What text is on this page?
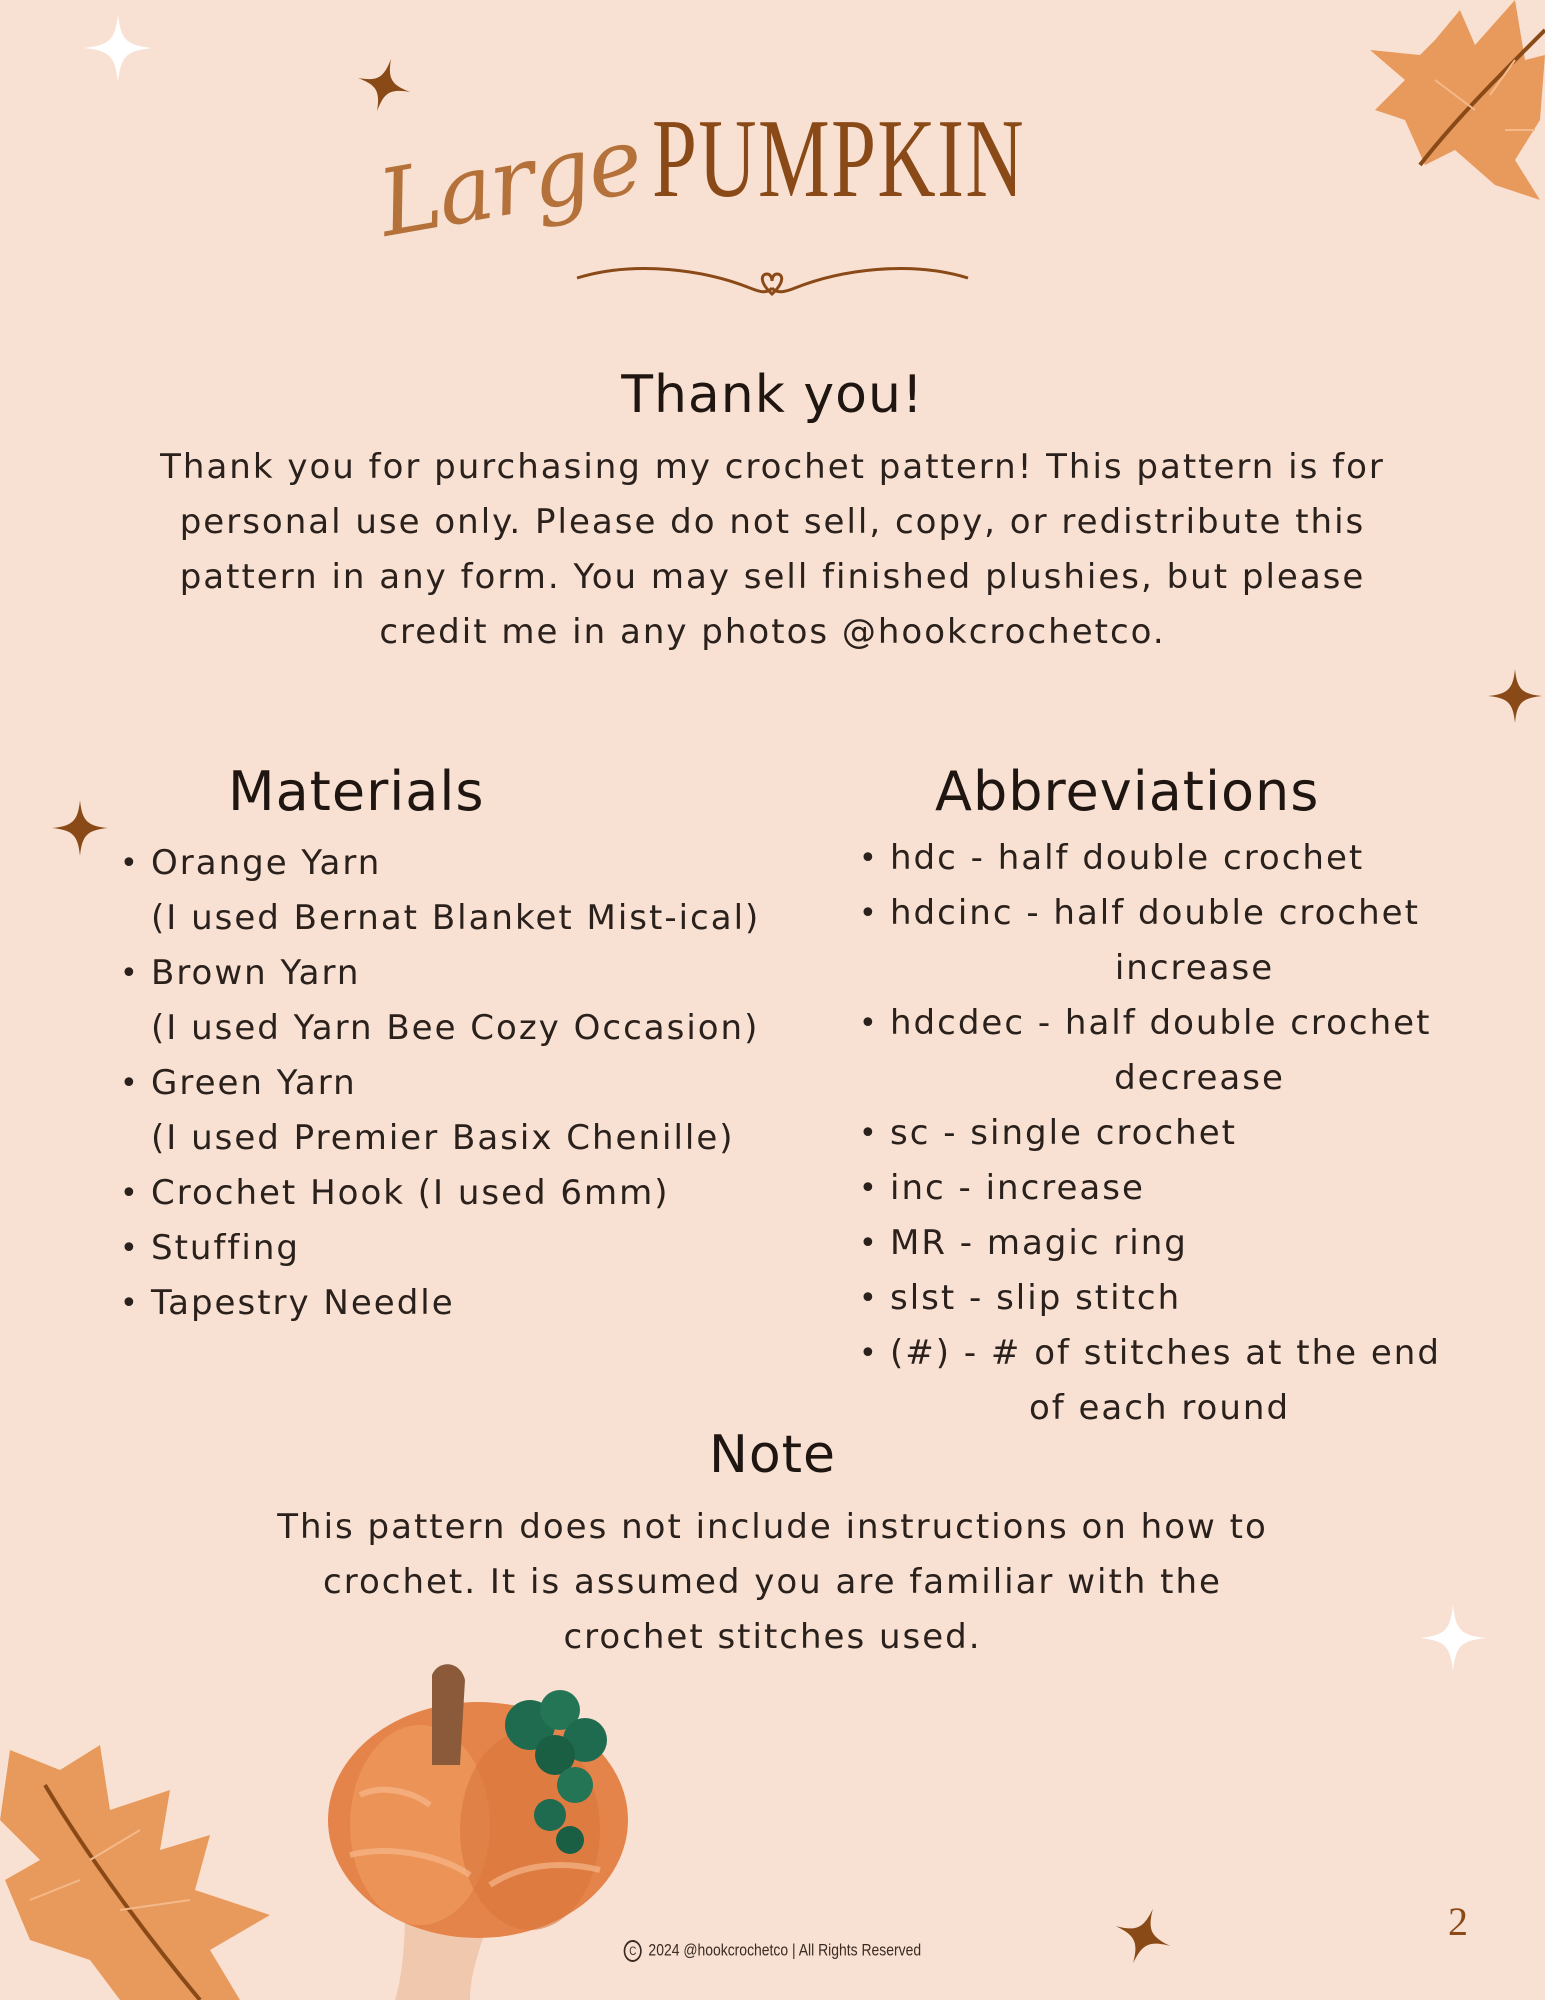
LargePUMPKIN
Thank you!
Thank you for purchasing my crochet pattern! This pattern is for
personal use only. Please do not sell, copy, or redistribute this
pattern in any form. You may sell finished plushies, but please
credit me in any photos @hookcrochetco.
Materials
• Orange Yarn
(I used Bernat Blanket Mist-ical)
• Brown Yarn
(I used Yarn Bee Cozy Occasion)
• Green Yarn
(I used Premier Basix Chenille)
• Crochet Hook (I used 6mm)
• Stuffing
• Tapestry Needle
Abbreviations
• hdc - half double crochet
• hdcinc - half double crochet
increase
• hdcdec - half double crochet
decrease
• sc - single crochet
• inc - increase
• MR - magic ring
• slst - slip stitch
• (#) - # of stitches at the end
of each round
Note
This pattern does not include instructions on how to
crochet. It is assumed you are familiar with the
crochet stitches used.
C 2024 @hookcrochetco | All Rights Reserved
2
